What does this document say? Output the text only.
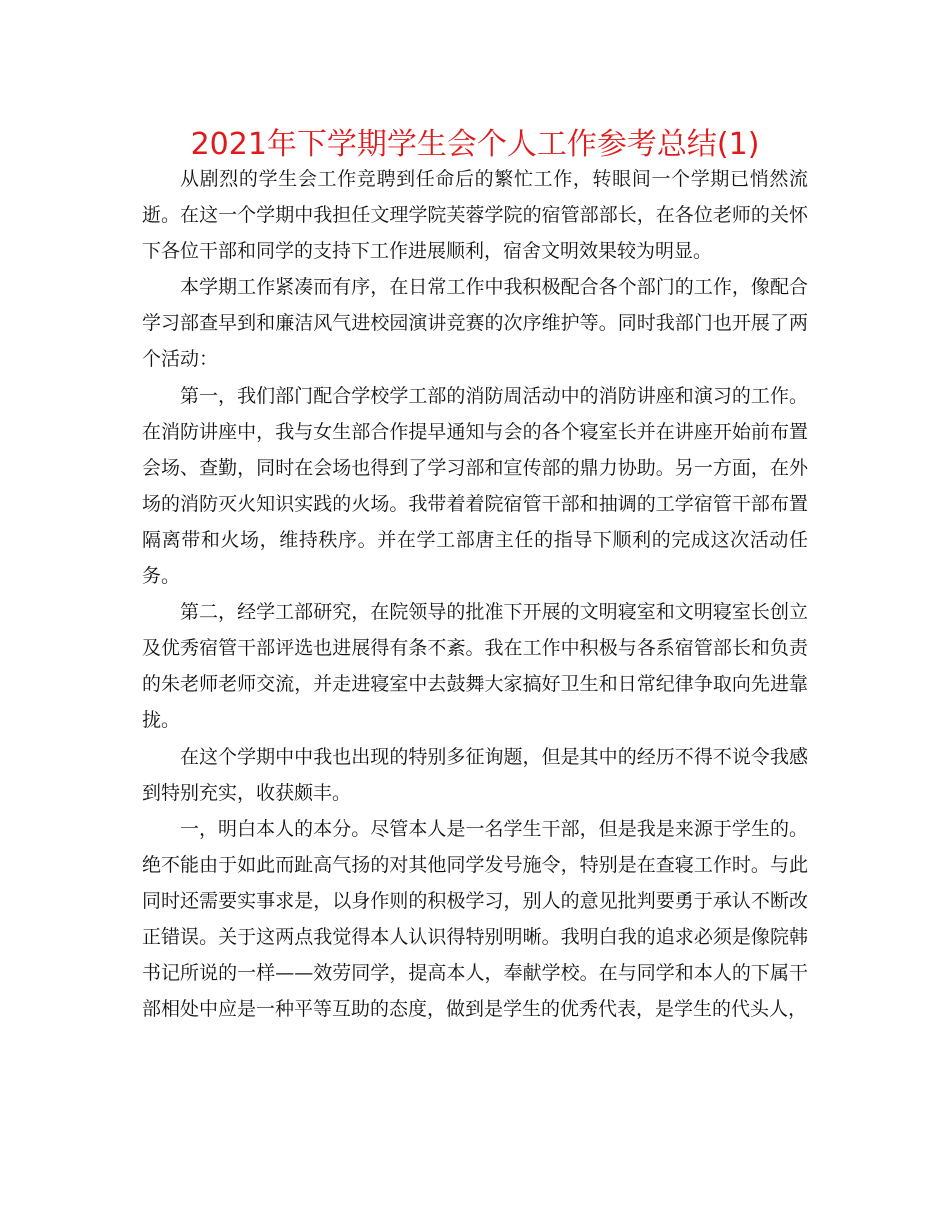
2021年下学期学生会个人工作参考总结(1)

从剧烈的学生会工作竞聘到任命后的繁忙工作，转眼间一个学期已悄然流逝。在这一个学期中我担任文理学院芙蓉学院的宿管部部长，在各位老师的关怀下各位干部和同学的支持下工作进展顺利，宿舍文明效果较为明显。

本学期工作紧凑而有序，在日常工作中我积极配合各个部门的工作，像配合学习部查早到和廉洁风气进校园演讲竞赛的次序维护等。同时我部门也开展了两个活动：

第一，我们部门配合学校学工部的消防周活动中的消防讲座和演习的工作。在消防讲座中，我与女生部合作提早通知与会的各个寝室长并在讲座开始前布置会场、查勤，同时在会场也得到了学习部和宣传部的鼎力协助。另一方面，在外场的消防灭火知识实践的火场。我带着着院宿管干部和抽调的工学宿管干部布置隔离带和火场，维持秩序。并在学工部唐主任的指导下顺利的完成这次活动任务。

第二，经学工部研究，在院领导的批准下开展的文明寝室和文明寝室长创立及优秀宿管干部评选也进展得有条不紊。我在工作中积极与各系宿管部长和负责的朱老师老师交流，并走进寝室中去鼓舞大家搞好卫生和日常纪律争取向先进靠拢。

在这个学期中中我也出现的特别多征询题，但是其中的经历不得不说令我感到特别充实，收获颇丰。

一，明白本人的本分。尽管本人是一名学生干部，但是我是来源于学生的。绝不能由于如此而趾高气扬的对其他同学发号施令，特别是在查寝工作时。与此同时还需要实事求是，以身作则的积极学习，别人的意见批判要勇于承认不断改正错误。关于这两点我觉得本人认识得特别明晰。我明白我的追求必须是像院韩书记所说的一样——效劳同学，提高本人，奉献学校。在与同学和本人的下属干部相处中应是一种平等互助的态度，做到是学生的优秀代表，是学生的代头人，
